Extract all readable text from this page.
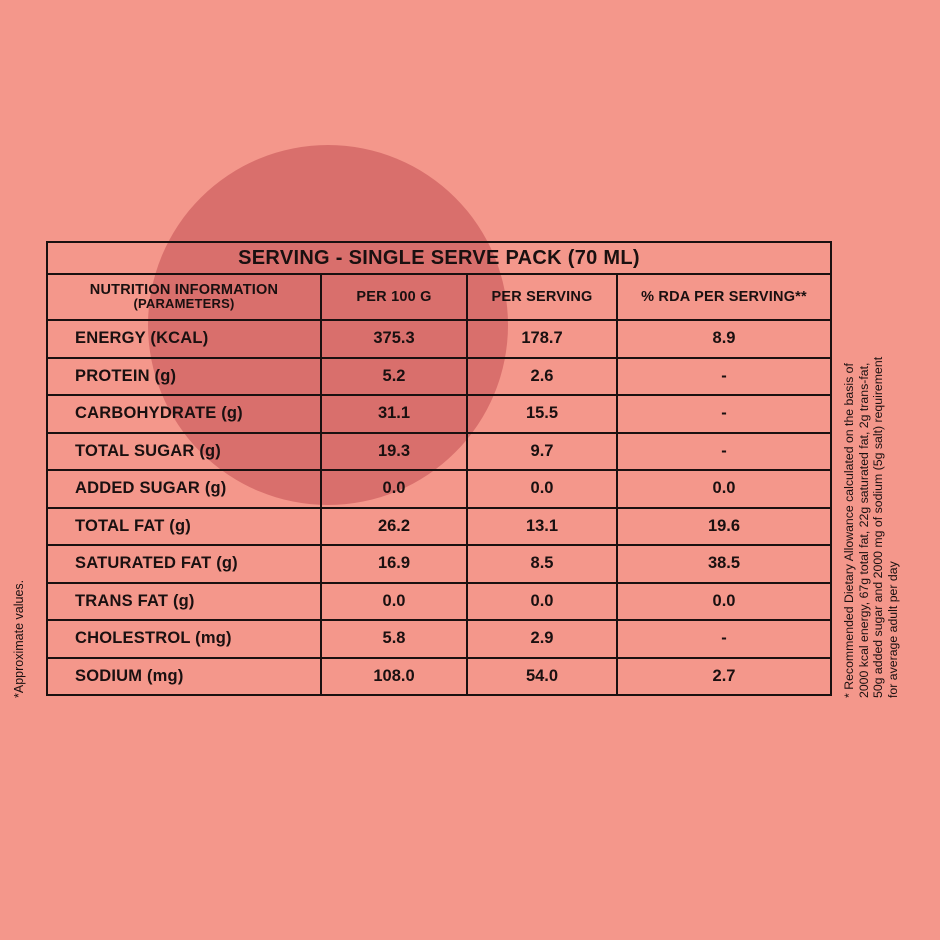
SERVING - SINGLE SERVE PACK (70 ML)			
NUTRITION INFORMATION
(PARAMETERS)	PER 100 G	PER SERVING	% RDA PER SERVING**
ENERGY (KCAL)	375.3	178.7	8.9
PROTEIN (g)	5.2	2.6	-
CARBOHYDRATE (g)	31.1	15.5	-
TOTAL SUGAR (g)	19.3	9.7	-
ADDED SUGAR (g)	0.0	0.0	0.0
TOTAL FAT (g)	26.2	13.1	19.6
SATURATED FAT (g)	16.9	8.5	38.5
TRANS FAT (g)	0.0	0.0	0.0
CHOLESTROL (mg)	5.8	2.9	-
SODIUM (mg)	108.0	54.0	2.7
*Approximate values.	* Recommended Dietary Allowance calculated on the basis of 2000 kcal energy, 67g total fat, 22g saturated fat, 2g trans-fat, 50g added sugar and 2000 mg of sodium (5g salt) requirement for average adult per day
